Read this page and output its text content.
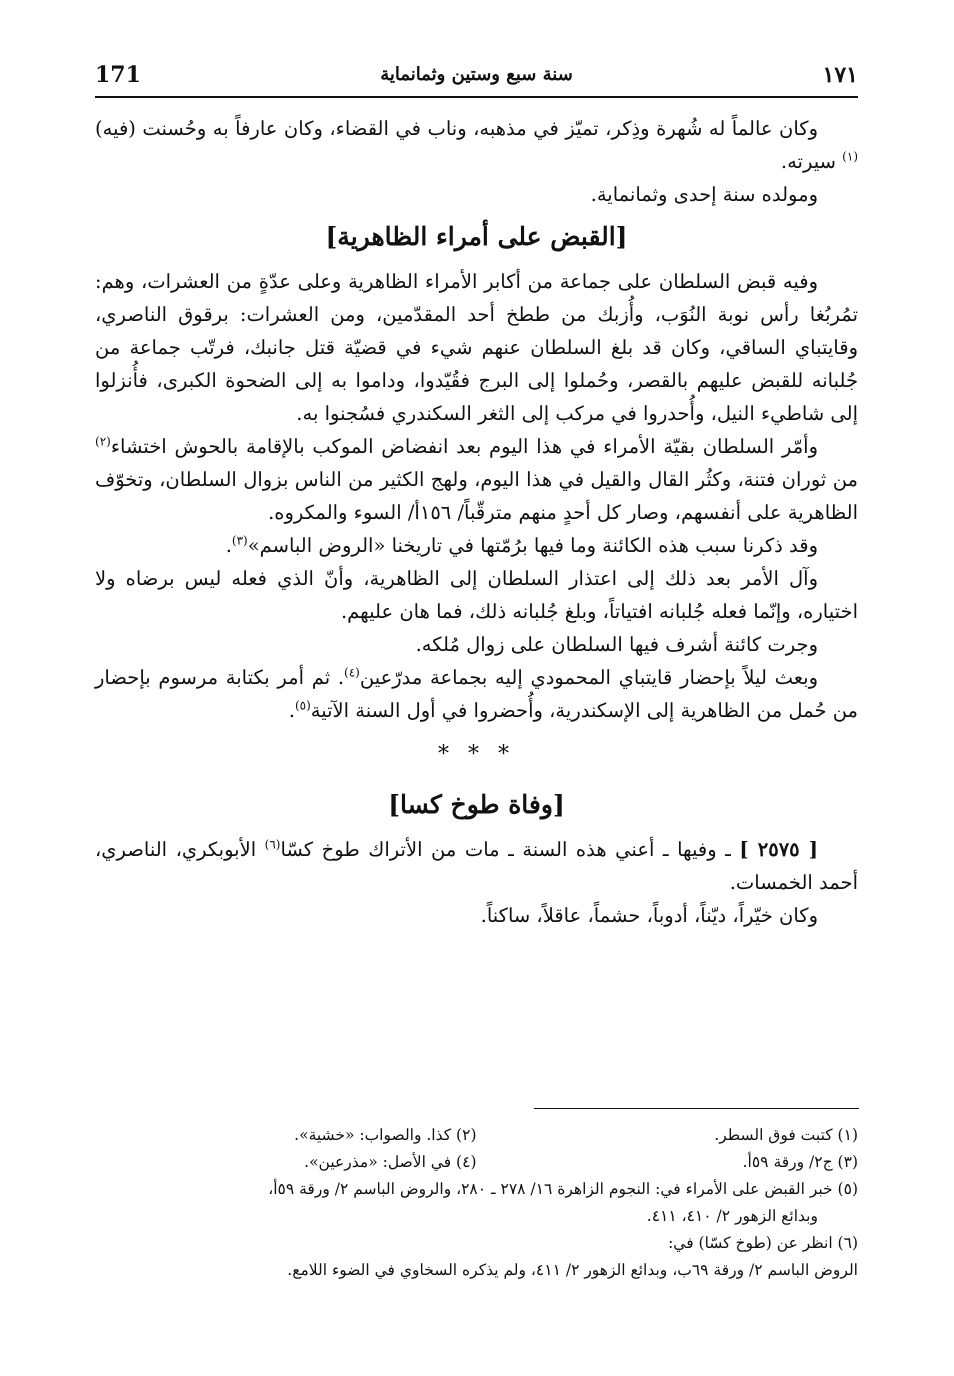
١٧١
سنة سبع وستين وثمانماية
171

وكان عالماً له شُهرة وذِكر، تميّز في مذهبه، وناب في القضاء، وكان عارفاً به وحُسنت (فيه)$^{(١)}$ سيرته.

ومولده سنة إحدى وثمانماية.

[القبض على أمراء الظاهرية]

وفيه قبض السلطان على جماعة من أكابر الأمراء الظاهرية وعلى عدّةٍ من العشرات، وهم: تمُربُغا رأس نوبة النُوَب، وأُزبك من ططخ أحد المقدّمين، ومن العشرات: برقوق الناصري، وقايتباي الساقي، وكان قد بلغ السلطان عنهم شيء في قضيّة قتل جانبك، فرتّب جماعة من جُلبانه للقبض عليهم بالقصر، وحُملوا إلى البرج فقُيّدوا، وداموا به إلى الضحوة الكبرى، فأُنزلوا إلى شاطيء النيل، وأُحدروا في مركب إلى الثغر السكندري فسُجنوا به.

وأمّر السلطان بقيّة الأمراء في هذا اليوم بعد انفضاض الموكب بالإقامة بالحوش اختشاء$^{(٢)}$ من ثوران فتنة، وكثُر القال والقيل في هذا اليوم، ولهج الكثير من الناس بزوال السلطان، وتخوّف الظاهرية على أنفسهم، وصار كل أحدٍ منهم مترقّباً/ ١٥٦أ/ السوء والمكروه.

وقد ذكرنا سبب هذه الكائنة وما فيها برُمّتها في تاريخنا «الروض الباسم»$^{(٣)}$.

وآل الأمر بعد ذلك إلى اعتذار السلطان إلى الظاهرية، وأنّ الذي فعله ليس برضاه ولا اختياره، وإنّما فعله جُلبانه افتياتاً، وبلغ جُلبانه ذلك، فما هان عليهم.

وجرت كائنة أشرف فيها السلطان على زوال مُلكه.

وبعث ليلاً بإحضار قايتباي المحمودي إليه بجماعة مدرّعين$^{(٤)}$. ثم أمر بكتابة مرسوم بإحضار من حُمل من الظاهرية إلى الإسكندرية، وأُحضروا في أول السنة الآتية$^{(٥)}$.

* * *
[وفاة طوخ كسا]

[ ٢٥٧٥ ] ـ وفيها ـ أعني هذه السنة ـ مات من الأتراك طوخ كسّا$^{(٦)}$ الأبوبكري، الناصري، أحمد الخمسات.

وكان خيّراً، ديّناً، أدوباً، حشماً، عاقلاً، ساكناً.

(١) كتبت فوق السطر.
(٢) كذا. والصواب: «خشية».
(٣) ج٢/ ورقة ٥٩أ.
(٤) في الأصل: «مذرعين».
(٥) خبر القبض على الأمراء في: النجوم الزاهرة ١٦/ ٢٧٨ ـ ٢٨٠، والروض الباسم ٢/ ورقة ٥٩أ،
وبدائع الزهور ٢/ ٤١٠، ٤١١.
(٦) انظر عن (طوخ كسّا) في:
الروض الباسم ٢/ ورقة ٦٩ب، وبدائع الزهور ٢/ ٤١١، ولم يذكره السخاوي في الضوء اللامع.
